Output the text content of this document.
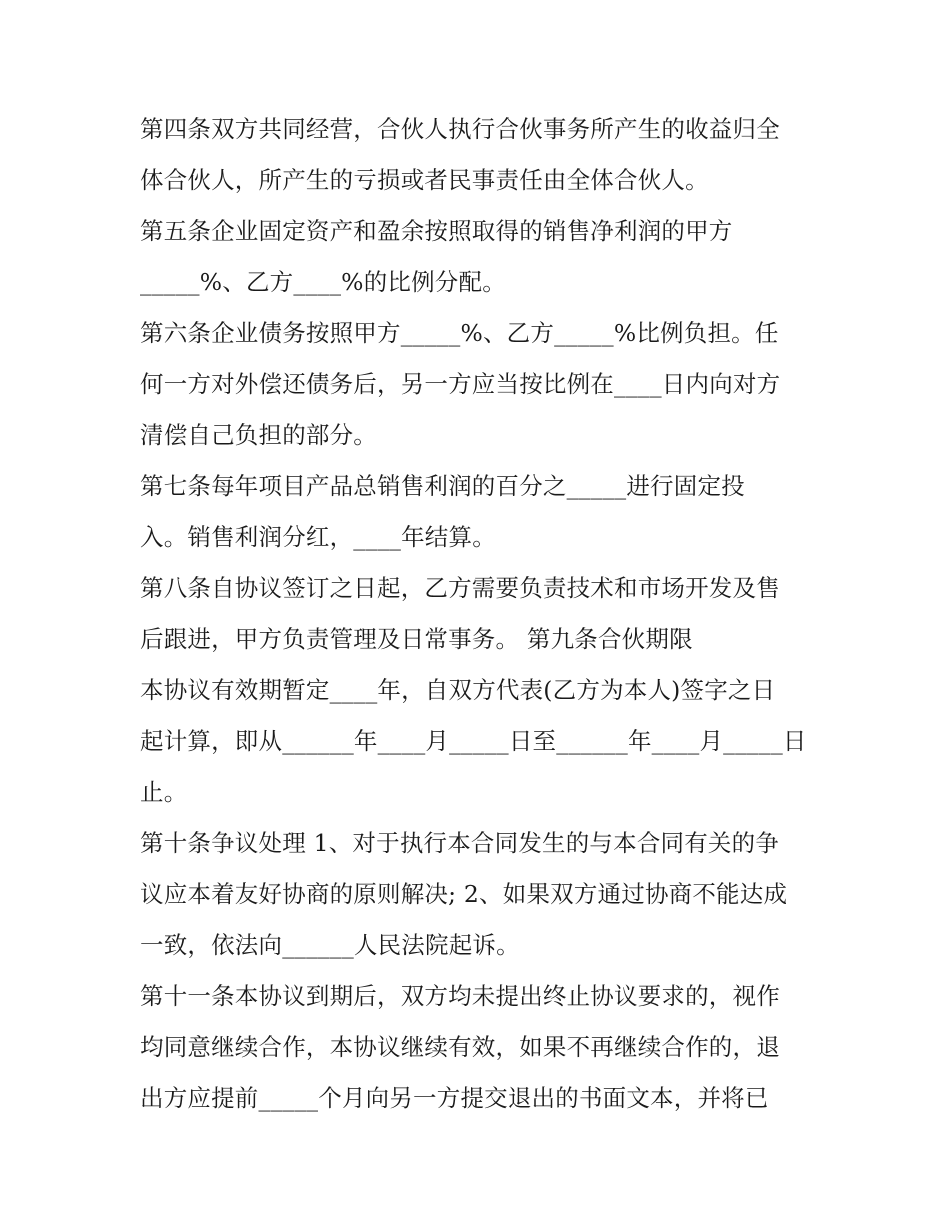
第四条双方共同经营，合伙人执行合伙事务所产生的收益归全
体合伙人，所产生的亏损或者民事责任由全体合伙人。
第五条企业固定资产和盈余按照取得的销售净利润的甲方
_____%、乙方____%的比例分配。
第六条企业债务按照甲方_____%、乙方_____%比例负担。任
何一方对外偿还债务后，另一方应当按比例在____日内向对方
清偿自己负担的部分。
第七条每年项目产品总销售利润的百分之_____进行固定投
入。销售利润分红，____年结算。
第八条自协议签订之日起，乙方需要负责技术和市场开发及售
后跟进，甲方负责管理及日常事务。 第九条合伙期限
本协议有效期暂定____年，自双方代表(乙方为本人)签字之日
起计算，即从______年____月_____日至______年____月_____日
止。
第十条争议处理 1、对于执行本合同发生的与本合同有关的争
议应本着友好协商的原则解决; 2、如果双方通过协商不能达成
一致，依法向______人民法院起诉。
第十一条本协议到期后，双方均未提出终止协议要求的，视作
均同意继续合作，本协议继续有效，如果不再继续合作的，退
出方应提前_____个月向另一方提交退出的书面文本，并将已
